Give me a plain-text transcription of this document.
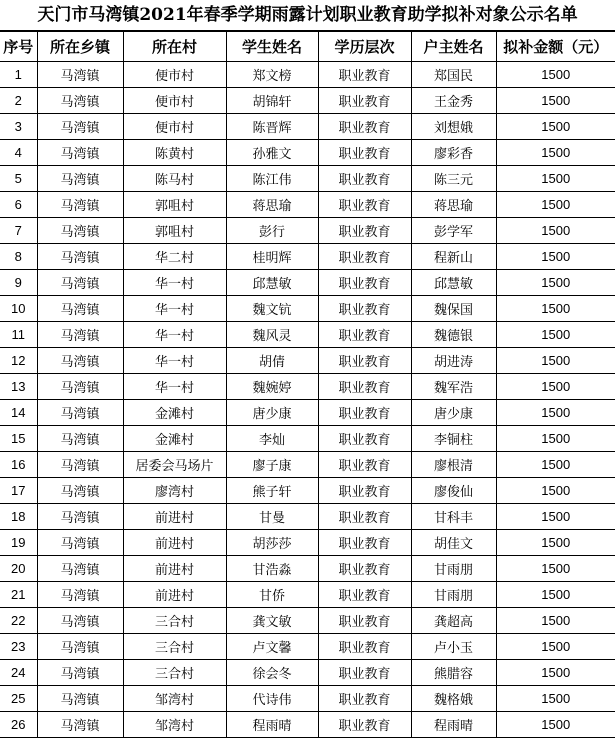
天门市马湾镇2021年春季学期雨露计划职业教育助学拟补对象公示名单
序号	所在乡镇	所在村	学生姓名	学历层次	户主姓名	拟补金额（元）
1	马湾镇	便市村	郑文榜	职业教育	郑国民	1500
2	马湾镇	便市村	胡锦轩	职业教育	王金秀	1500
3	马湾镇	便市村	陈晋辉	职业教育	刘想娥	1500
4	马湾镇	陈黄村	孙雅文	职业教育	廖彩香	1500
5	马湾镇	陈马村	陈江伟	职业教育	陈三元	1500
6	马湾镇	郭咀村	蒋思瑜	职业教育	蒋思瑜	1500
7	马湾镇	郭咀村	彭行	职业教育	彭学军	1500
8	马湾镇	华二村	桂明辉	职业教育	程新山	1500
9	马湾镇	华一村	邱慧敏	职业教育	邱慧敏	1500
10	马湾镇	华一村	魏文钪	职业教育	魏保国	1500
11	马湾镇	华一村	魏风灵	职业教育	魏德银	1500
12	马湾镇	华一村	胡倩	职业教育	胡进涛	1500
13	马湾镇	华一村	魏婉婷	职业教育	魏军浩	1500
14	马湾镇	金滩村	唐少康	职业教育	唐少康	1500
15	马湾镇	金滩村	李灿	职业教育	李铜柱	1500
16	马湾镇	居委会马场片	廖子康	职业教育	廖根清	1500
17	马湾镇	廖湾村	熊子轩	职业教育	廖俊仙	1500
18	马湾镇	前进村	甘曼	职业教育	甘科丰	1500
19	马湾镇	前进村	胡莎莎	职业教育	胡佳文	1500
20	马湾镇	前进村	甘浩淼	职业教育	甘雨朋	1500
21	马湾镇	前进村	甘侨	职业教育	甘雨朋	1500
22	马湾镇	三合村	龚文敏	职业教育	龚超高	1500
23	马湾镇	三合村	卢文馨	职业教育	卢小玉	1500
24	马湾镇	三合村	徐会冬	职业教育	熊腊容	1500
25	马湾镇	邹湾村	代诗伟	职业教育	魏格娥	1500
26	马湾镇	邹湾村	程雨晴	职业教育	程雨晴	1500
